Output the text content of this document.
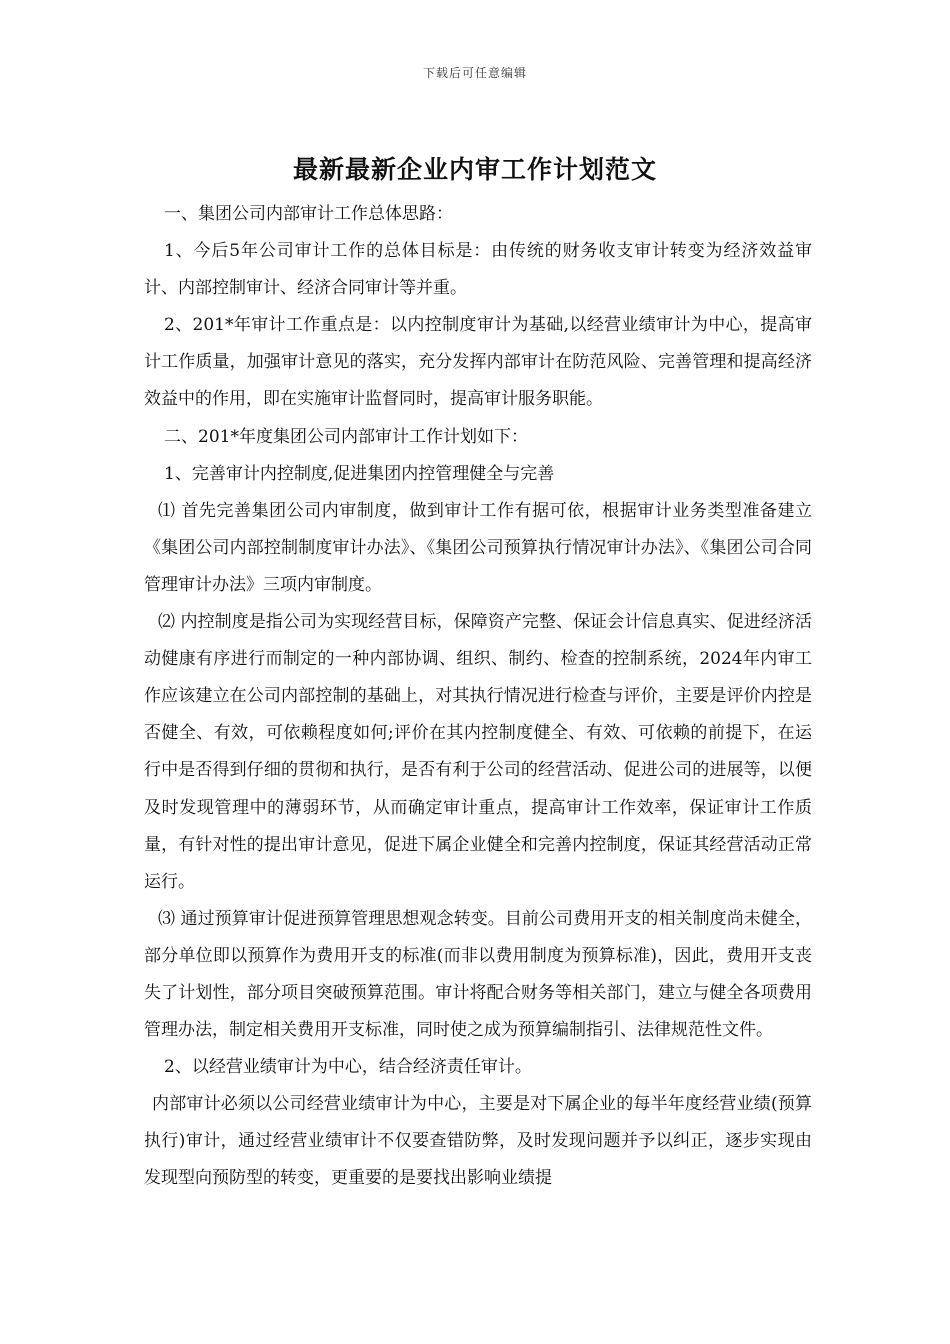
下载后可任意编辑
最新最新企业内审工作计划范文

一、集团公司内部审计工作总体思路：

1、今后5年公司审计工作的总体目标是：由传统的财务收支审计转变为经济效益审计、内部控制审计、经济合同审计等并重。

2、201*年审计工作重点是：以内控制度审计为基础,以经营业绩审计为中心，提高审计工作质量，加强审计意见的落实，充分发挥内部审计在防范风险、完善管理和提高经济效益中的作用，即在实施审计监督同时，提高审计服务职能。

二、201*年度集团公司内部审计工作计划如下：

1、完善审计内控制度,促进集团内控管理健全与完善

⑴ 首先完善集团公司内审制度，做到审计工作有据可依，根据审计业务类型准备建立《集团公司内部控制制度审计办法》、《集团公司预算执行情况审计办法》、《集团公司合同管理审计办法》三项内审制度。

⑵ 内控制度是指公司为实现经营目标，保障资产完整、保证会计信息真实、促进经济活动健康有序进行而制定的一种内部协调、组织、制约、检查的控制系统，2024年内审工作应该建立在公司内部控制的基础上，对其执行情况进行检查与评价，主要是评价内控是否健全、有效，可依赖程度如何;评价在其内控制度健全、有效、可依赖的前提下，在运行中是否得到仔细的贯彻和执行，是否有利于公司的经营活动、促进公司的进展等，以便及时发现管理中的薄弱环节，从而确定审计重点，提高审计工作效率，保证审计工作质量，有针对性的提出审计意见，促进下属企业健全和完善内控制度，保证其经营活动正常运行。

⑶ 通过预算审计促进预算管理思想观念转变。目前公司费用开支的相关制度尚未健全，部分单位即以预算作为费用开支的标准(而非以费用制度为预算标准)，因此，费用开支丧失了计划性，部分项目突破预算范围。审计将配合财务等相关部门，建立与健全各项费用管理办法，制定相关费用开支标准，同时使之成为预算编制指引、法律规范性文件。

2、以经营业绩审计为中心，结合经济责任审计。

内部审计必须以公司经营业绩审计为中心，主要是对下属企业的每半年度经营业绩(预算执行)审计，通过经营业绩审计不仅要查错防弊，及时发现问题并予以纠正，逐步实现由发现型向预防型的转变，更重要的是要找出影响业绩提
